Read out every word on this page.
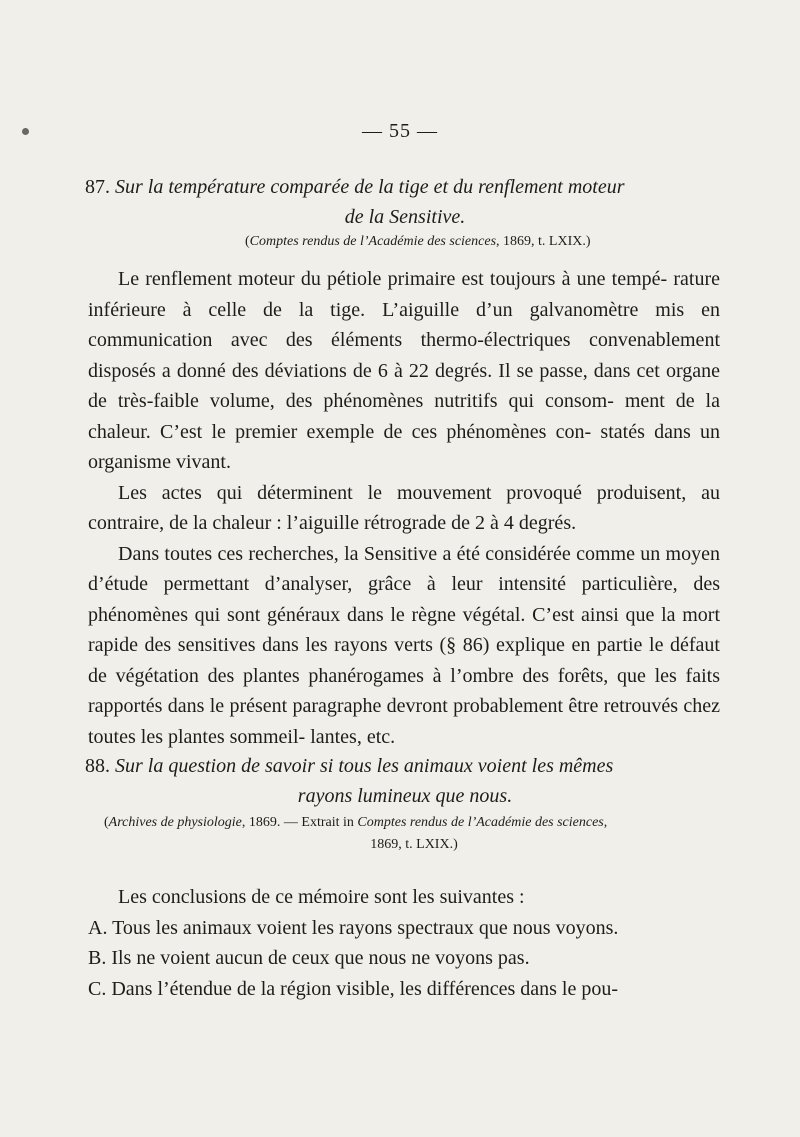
— 55 —
87. Sur la température comparée de la tige et du renflement moteur
de la Sensitive.
(Comptes rendus de l’Académie des sciences, 1869, t. LXIX.)

Le renflement moteur du pétiole primaire est toujours à une tempé- rature inférieure à celle de la tige. L’aiguille d’un galvanomètre mis en communication avec des éléments thermo-électriques convenablement disposés a donné des déviations de 6 à 22 degrés. Il se passe, dans cet organe de très-faible volume, des phénomènes nutritifs qui consom- ment de la chaleur. C’est le premier exemple de ces phénomènes con- statés dans un organisme vivant.

Les actes qui déterminent le mouvement provoqué produisent, au contraire, de la chaleur : l’aiguille rétrograde de 2 à 4 degrés.

Dans toutes ces recherches, la Sensitive a été considérée comme un moyen d’étude permettant d’analyser, grâce à leur intensité particulière, des phénomènes qui sont généraux dans le règne végétal. C’est ainsi que la mort rapide des sensitives dans les rayons verts (§ 86) explique en partie le défaut de végétation des plantes phanérogames à l’ombre des forêts, que les faits rapportés dans le présent paragraphe devront probablement être retrouvés chez toutes les plantes sommeil- lantes, etc.

88. Sur la question de savoir si tous les animaux voient les mêmes
rayons lumineux que nous.
(Archives de physiologie, 1869. — Extrait in Comptes rendus de l’Académie des sciences,
1869, t. LXIX.)
Les conclusions de ce mémoire sont les suivantes :
A. Tous les animaux voient les rayons spectraux que nous voyons.
B. Ils ne voient aucun de ceux que nous ne voyons pas.
C. Dans l’étendue de la région visible, les différences dans le pou-
